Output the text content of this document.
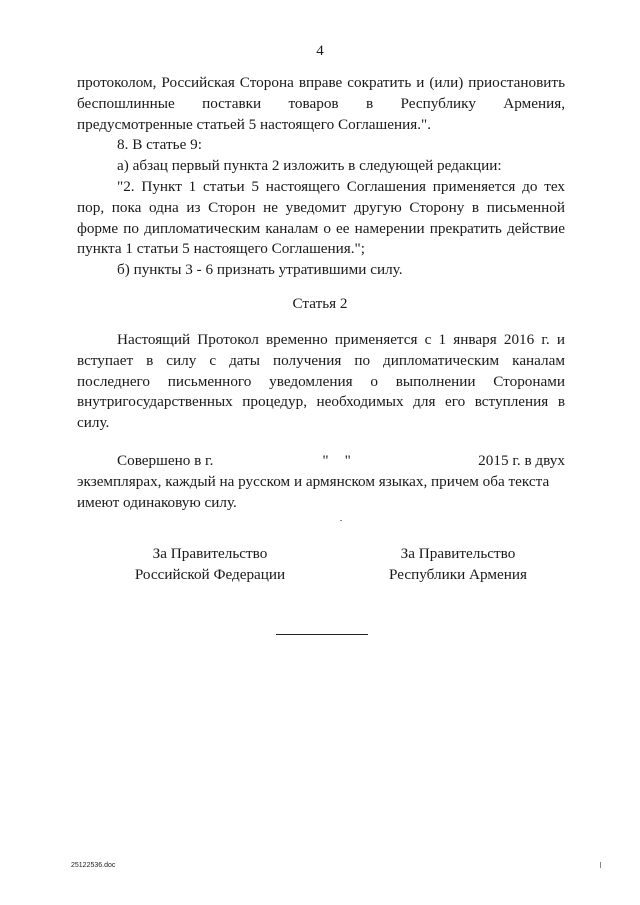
4

протоколом, Российская Сторона вправе сократить и (или) приостановить беспошлинные поставки товаров в Республику Армения, предусмотренные статьей 5 настоящего Соглашения.".

8. В статье 9:

а) абзац первый пункта 2 изложить в следующей редакции:

"2. Пункт 1 статьи 5 настоящего Соглашения применяется до тех пор, пока одна из Сторон не уведомит другую Сторону в письменной форме по дипломатическим каналам о ее намерении прекратить действие пункта 1 статьи 5 настоящего Соглашения.";

б) пункты 3 - 6 признать утратившими силу.

Статья 2

Настоящий Протокол временно применяется с 1 января 2016 г. и вступает в силу с даты получения по дипломатическим каналам последнего письменного уведомления о выполнении Сторонами внутригосударственных процедур, необходимых для его вступления в силу.

Совершено в г.	" "	2015 г. в двух

экземплярах, каждый на русском и армянском языках, причем оба текста имеют одинаковую силу.

За Правительство
Российской Федерации
За Правительство
Республики Армения
25122536.doc
